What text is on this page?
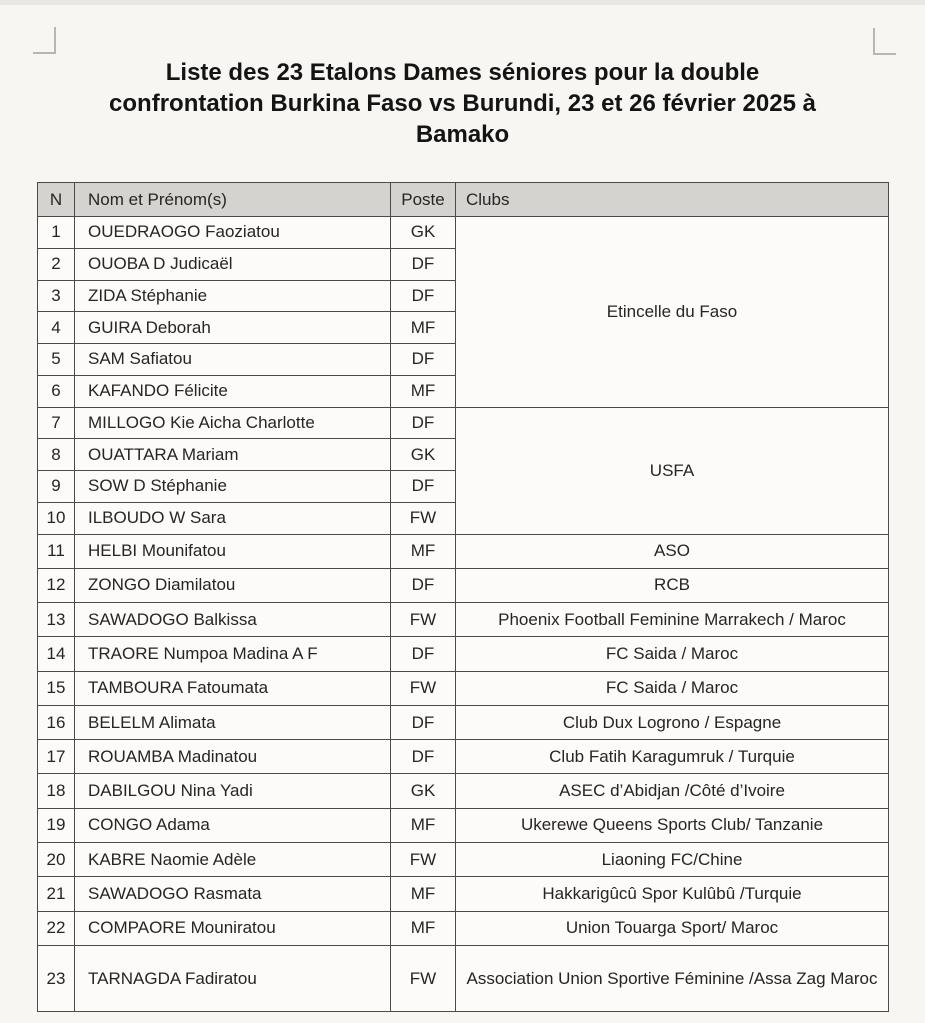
Liste des 23 Etalons Dames séniores pour la double
confrontation Burkina Faso vs Burundi, 23 et 26 février 2025 à
Bamako
N	Nom et Prénom(s)	Poste	Clubs
1	OUEDRAOGO Faoziatou	GK	Etincelle du Faso
2	OUOBA D Judicaël	DF	
3	ZIDA Stéphanie	DF	
4	GUIRA Deborah	MF	
5	SAM Safiatou	DF	
6	KAFANDO Félicite	MF	
7	MILLOGO Kie Aicha Charlotte	DF	USFA
8	OUATTARA Mariam	GK	
9	SOW D Stéphanie	DF	
10	ILBOUDO W Sara	FW	
11	HELBI Mounifatou	MF	ASO
12	ZONGO Diamilatou	DF	RCB
13	SAWADOGO Balkissa	FW	Phoenix Football Feminine Marrakech / Maroc
14	TRAORE Numpoa Madina A F	DF	FC Saida / Maroc
15	TAMBOURA Fatoumata	FW	FC Saida / Maroc
16	BELELM Alimata	DF	Club Dux Logrono / Espagne
17	ROUAMBA Madinatou	DF	Club Fatih Karagumruk / Turquie
18	DABILGOU Nina Yadi	GK	ASEC d’Abidjan /Côté d’Ivoire
19	CONGO Adama	MF	Ukerewe Queens Sports Club/ Tanzanie
20	KABRE Naomie Adèle	FW	Liaoning FC/Chine
21	SAWADOGO Rasmata	MF	Hakkarigûcû Spor Kulûbû /Turquie
22	COMPAORE Mouniratou	MF	Union Touarga Sport/ Maroc
23	TARNAGDA Fadiratou	FW	Association Union Sportive Féminine /Assa Zag Maroc
